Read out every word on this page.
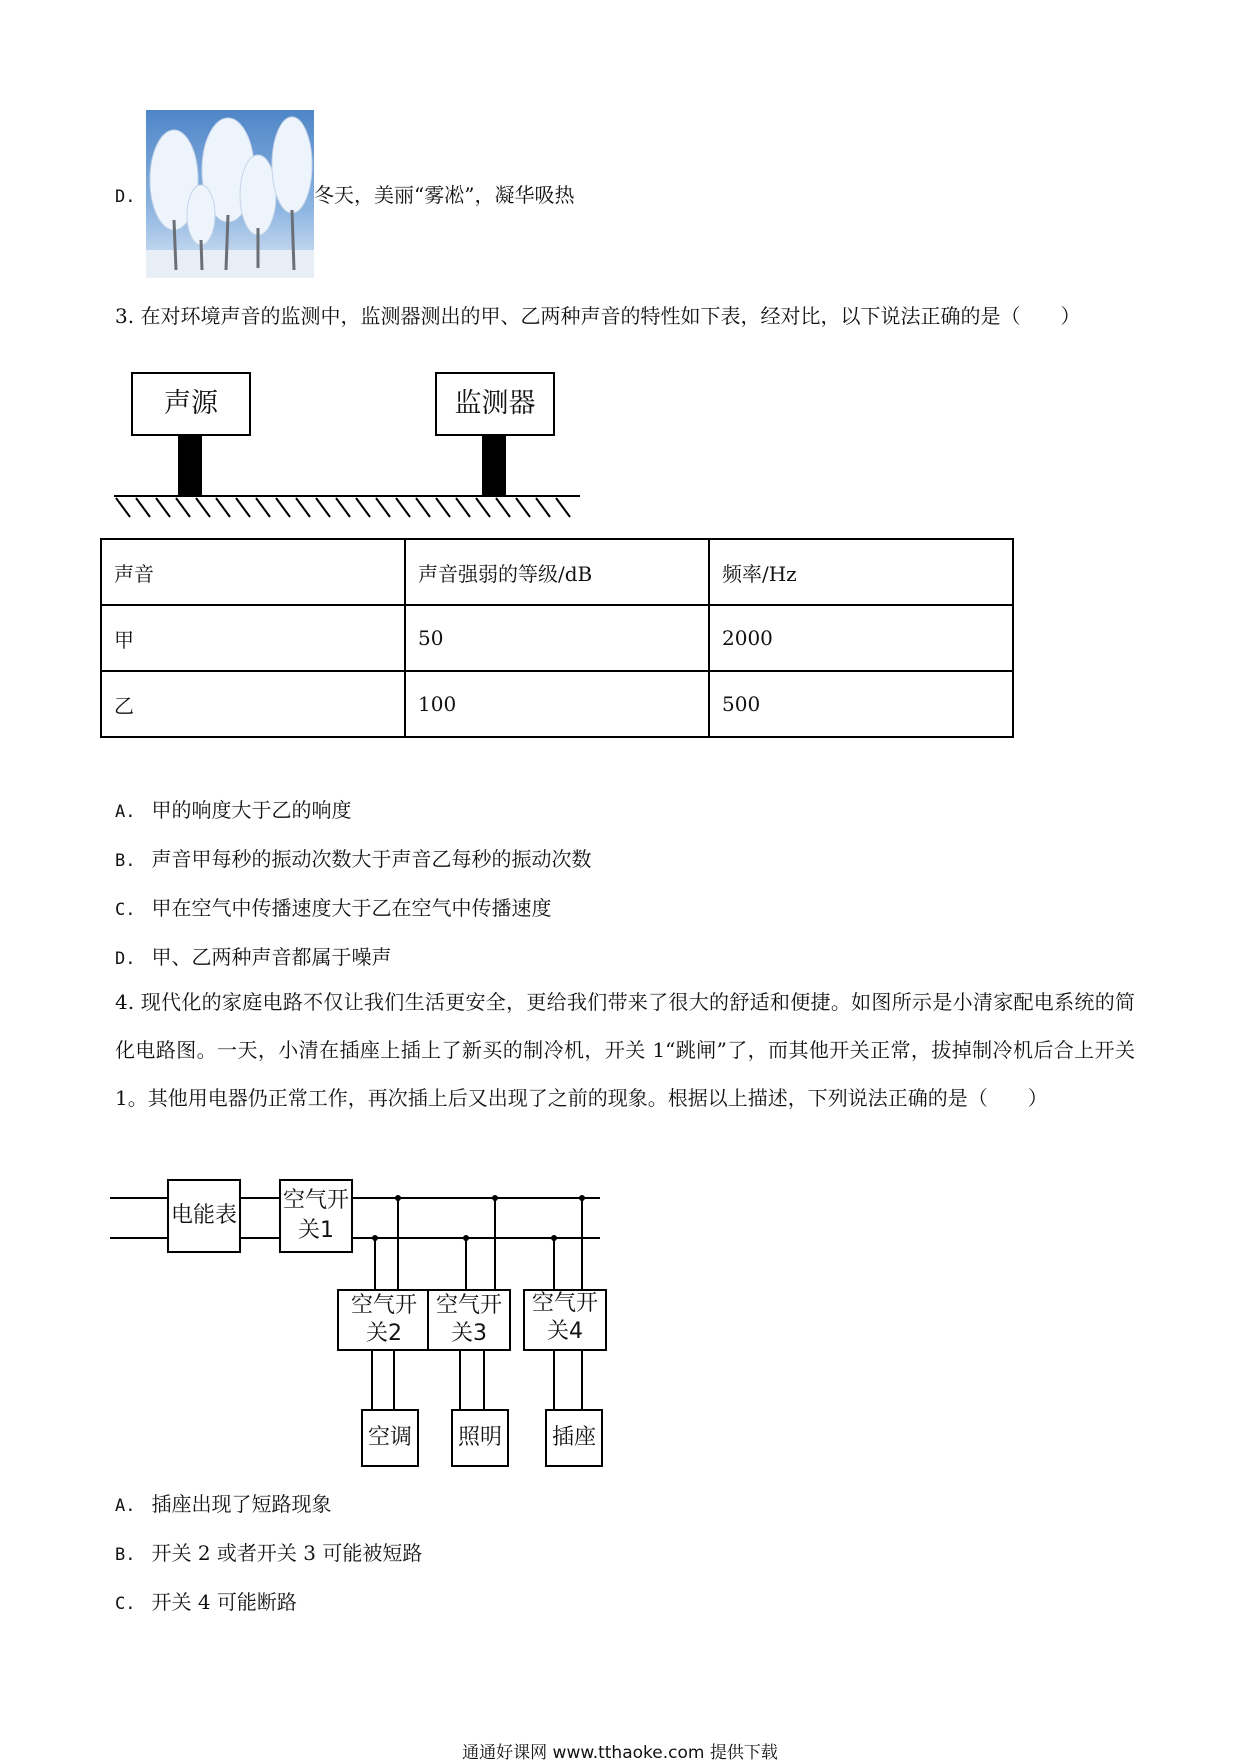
D.	冬天，美丽“雾凇”，凝华吸热
3. 在对环境声音的监测中，监测器测出的甲、乙两种声音的特性如下表，经对比，以下说法正确的是（　　）
声源	监测器
声音	声音强弱的等级/dB	频率/Hz
甲	50	2000
乙	100	500
A. 甲的响度大于乙的响度
B. 声音甲每秒的振动次数大于声音乙每秒的振动次数
C. 甲在空气中传播速度大于乙在空气中传播速度
D. 甲、乙两种声音都属于噪声
4. 现代化的家庭电路不仅让我们生活更安全，更给我们带来了很大的舒适和便捷。如图所示是小清家配电系统的简化电路图。一天，小清在插座上插上了新买的制冷机，开关 1“跳闸”了，而其他开关正常，拔掉制冷机后合上开关 1。其他用电器仍正常工作，再次插上后又出现了之前的现象。根据以上描述，下列说法正确的是（　　）
电能表
空气开
关1
空气开
关2
空气开
关3
空气开
关4
空调 照明 插座
A. 插座出现了短路现象
B. 开关 2 或者开关 3 可能被短路
C. 开关 4 可能断路
通通好课网 www.tthaoke.com 提供下载
